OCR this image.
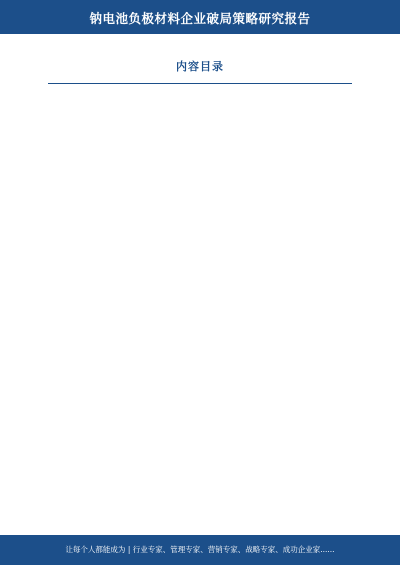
钠电池负极材料企业破局策略研究报告
内容目录
让每个人都能成为 | 行业专家、管理专家、营销专家、战略专家、成功企业家......
